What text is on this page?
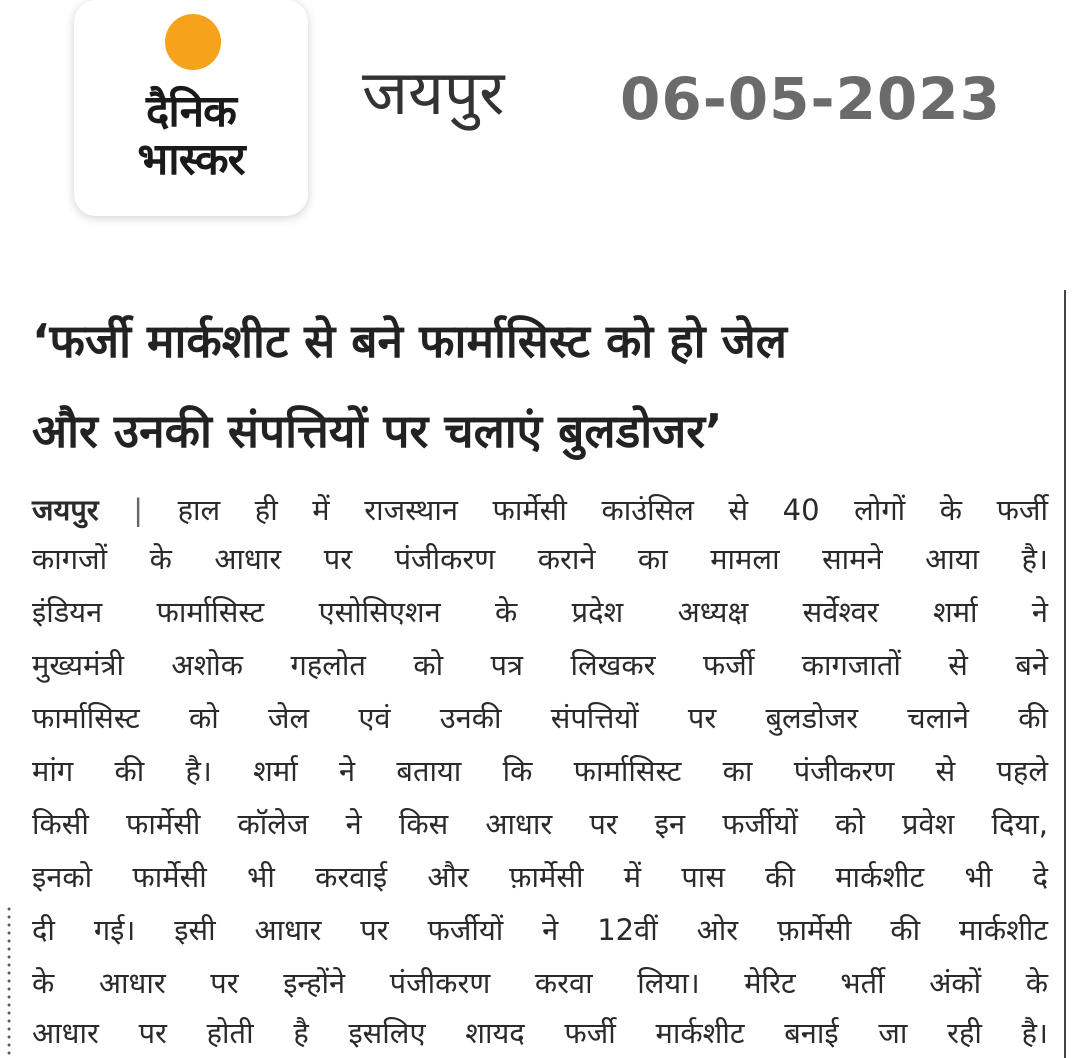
दैनिक
भास्कर
जयपुर 06-05-2023
‘फर्जी मार्कशीट से बने फार्मासिस्ट को हो जेल
और उनकी संपत्तियों पर चलाएं बुलडोजर’
जयपुर | हाल ही में राजस्थान फार्मेसी काउंसिल से 40 लोगों के फर्जी
कागजों के आधार पर पंजीकरण कराने का मामला सामने आया है।
इंडियन फार्मासिस्ट एसोसिएशन के प्रदेश अध्यक्ष सर्वेश्वर शर्मा ने
मुख्यमंत्री अशोक गहलोत को पत्र लिखकर फर्जी कागजातों से बने
फार्मासिस्ट को जेल एवं उनकी संपत्तियों पर बुलडोजर चलाने की
मांग की है। शर्मा ने बताया कि फार्मासिस्ट का पंजीकरण से पहले
किसी फार्मेसी कॉलेज ने किस आधार पर इन फर्जीयों को प्रवेश दिया,
इनको फार्मेसी भी करवाई और फ़ार्मेसी में पास की मार्कशीट भी दे
दी गई। इसी आधार पर फर्जीयों ने 12वीं ओर फ़ार्मेसी की मार्कशीट
के आधार पर इन्होंने पंजीकरण करवा लिया। मेरिट भर्ती अंकों के
आधार पर होती है इसलिए शायद फर्जी मार्कशीट बनाई जा रही है।
